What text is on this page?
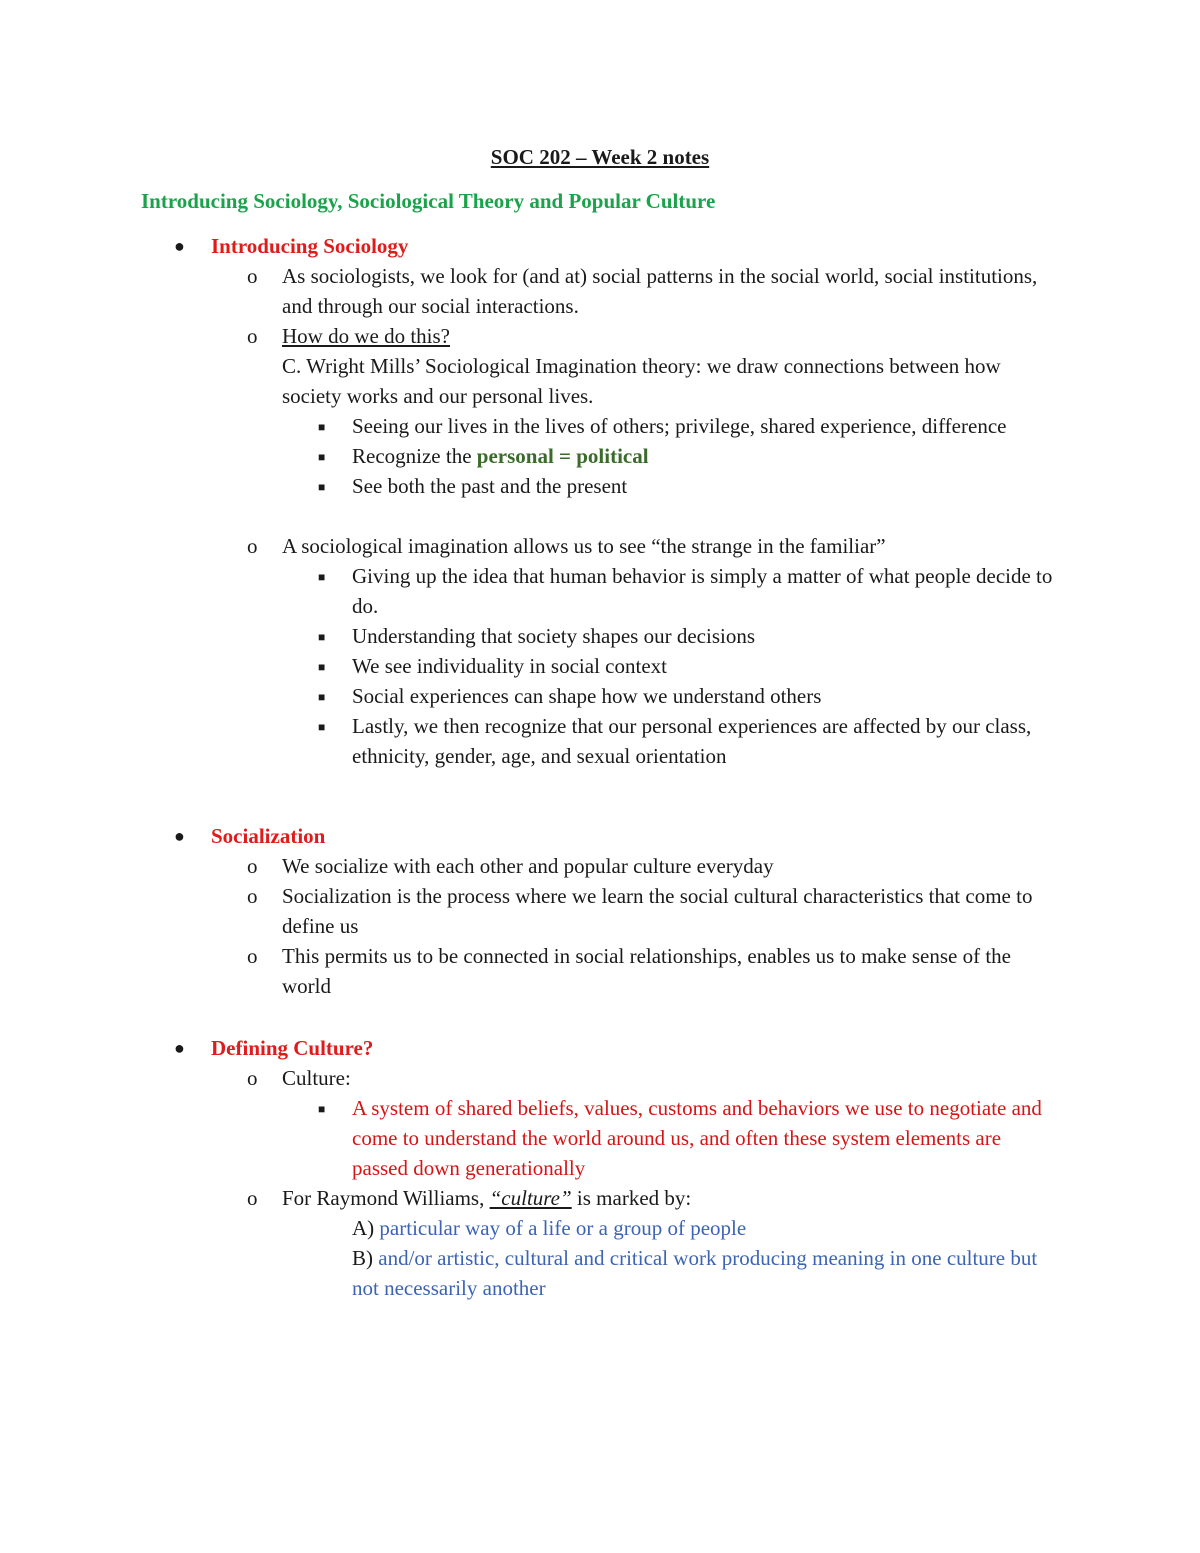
SOC 202 – Week 2 notes
Introducing Sociology, Sociological Theory and Popular Culture
● Introducing Sociology
o As sociologists, we look for (and at) social patterns in the social world, social institutions, and through our social interactions.
o How do we do this?
C. Wright Mills’ Sociological Imagination theory: we draw connections between how society works and our personal lives.
■ Seeing our lives in the lives of others; privilege, shared experience, difference
■ Recognize the personal = political
■ See both the past and the present
o A sociological imagination allows us to see “the strange in the familiar”
■ Giving up the idea that human behavior is simply a matter of what people decide to do.
■ Understanding that society shapes our decisions
■ We see individuality in social context
■ Social experiences can shape how we understand others
■ Lastly, we then recognize that our personal experiences are affected by our class, ethnicity, gender, age, and sexual orientation
● Socialization
o We socialize with each other and popular culture everyday
o Socialization is the process where we learn the social cultural characteristics that come to define us
o This permits us to be connected in social relationships, enables us to make sense of the world
● Defining Culture?
o Culture:
■ A system of shared beliefs, values, customs and behaviors we use to negotiate and come to understand the world around us, and often these system elements are passed down generationally
o For Raymond Williams, “culture” is marked by:
A) particular way of a life or a group of people
B) and/or artistic, cultural and critical work producing meaning in one culture but not necessarily another
